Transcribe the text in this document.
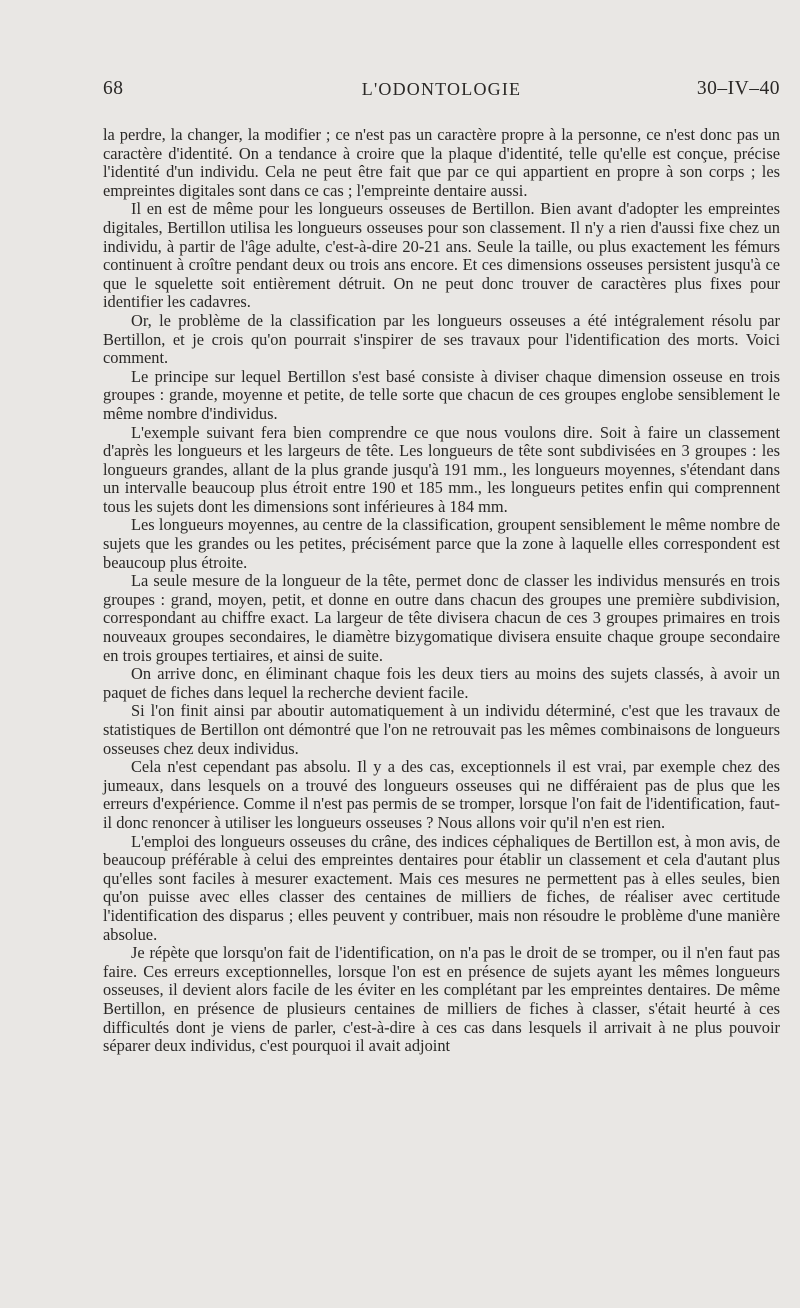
68	L'ODONTOLOGIE	30–IV–40

la perdre, la changer, la modifier ; ce n'est pas un caractère propre à la personne, ce n'est donc pas un caractère d'identité. On a tendance à croire que la plaque d'identité, telle qu'elle est conçue, précise l'identité d'un individu. Cela ne peut être fait que par ce qui appartient en propre à son corps ; les empreintes digitales sont dans ce cas ; l'empreinte dentaire aussi.

Il en est de même pour les longueurs osseuses de Bertillon. Bien avant d'adopter les empreintes digitales, Bertillon utilisa les longueurs osseuses pour son classement. Il n'y a rien d'aussi fixe chez un individu, à partir de l'âge adulte, c'est-à-dire 20-21 ans. Seule la taille, ou plus exactement les fémurs continuent à croître pendant deux ou trois ans encore. Et ces dimensions osseuses persistent jusqu'à ce que le squelette soit entièrement détruit. On ne peut donc trouver de caractères plus fixes pour identifier les cadavres.

Or, le problème de la classification par les longueurs osseuses a été intégralement résolu par Bertillon, et je crois qu'on pourrait s'inspirer de ses travaux pour l'identification des morts. Voici comment.

Le principe sur lequel Bertillon s'est basé consiste à diviser chaque dimension osseuse en trois groupes : grande, moyenne et petite, de telle sorte que chacun de ces groupes englobe sensiblement le même nombre d'individus.

L'exemple suivant fera bien comprendre ce que nous voulons dire. Soit à faire un classement d'après les longueurs et les largeurs de tête. Les longueurs de tête sont subdivisées en 3 groupes : les longueurs grandes, allant de la plus grande jusqu'à 191 mm., les longueurs moyennes, s'étendant dans un intervalle beaucoup plus étroit entre 190 et 185 mm., les longueurs petites enfin qui comprennent tous les sujets dont les dimensions sont inférieures à 184 mm.

Les longueurs moyennes, au centre de la classification, groupent sensiblement le même nombre de sujets que les grandes ou les petites, précisément parce que la zone à laquelle elles correspondent est beaucoup plus étroite.

La seule mesure de la longueur de la tête, permet donc de classer les individus mensurés en trois groupes : grand, moyen, petit, et donne en outre dans chacun des groupes une première subdivision, correspondant au chiffre exact. La largeur de tête divisera chacun de ces 3 groupes primaires en trois nouveaux groupes secondaires, le diamètre bizygomatique divisera ensuite chaque groupe secondaire en trois groupes tertiaires, et ainsi de suite.

On arrive donc, en éliminant chaque fois les deux tiers au moins des sujets classés, à avoir un paquet de fiches dans lequel la recherche devient facile.

Si l'on finit ainsi par aboutir automatiquement à un individu déterminé, c'est que les travaux de statistiques de Bertillon ont démontré que l'on ne retrouvait pas les mêmes combinaisons de longueurs osseuses chez deux individus.

Cela n'est cependant pas absolu. Il y a des cas, exceptionnels il est vrai, par exemple chez des jumeaux, dans lesquels on a trouvé des longueurs osseuses qui ne différaient pas de plus que les erreurs d'expérience. Comme il n'est pas permis de se tromper, lorsque l'on fait de l'identification, faut-il donc renoncer à utiliser les longueurs osseuses ? Nous allons voir qu'il n'en est rien.

L'emploi des longueurs osseuses du crâne, des indices céphaliques de Bertillon est, à mon avis, de beaucoup préférable à celui des empreintes dentaires pour établir un classement et cela d'autant plus qu'elles sont faciles à mesurer exactement. Mais ces mesures ne permettent pas à elles seules, bien qu'on puisse avec elles classer des centaines de milliers de fiches, de réaliser avec certitude l'identification des disparus ; elles peuvent y contribuer, mais non résoudre le problème d'une manière absolue.

Je répète que lorsqu'on fait de l'identification, on n'a pas le droit de se tromper, ou il n'en faut pas faire. Ces erreurs exceptionnelles, lorsque l'on est en présence de sujets ayant les mêmes longueurs osseuses, il devient alors facile de les éviter en les complétant par les empreintes dentaires. De même Bertillon, en présence de plusieurs centaines de milliers de fiches à classer, s'était heurté à ces difficultés dont je viens de parler, c'est-à-dire à ces cas dans lesquels il arrivait à ne plus pouvoir séparer deux individus, c'est pourquoi il avait adjoint
